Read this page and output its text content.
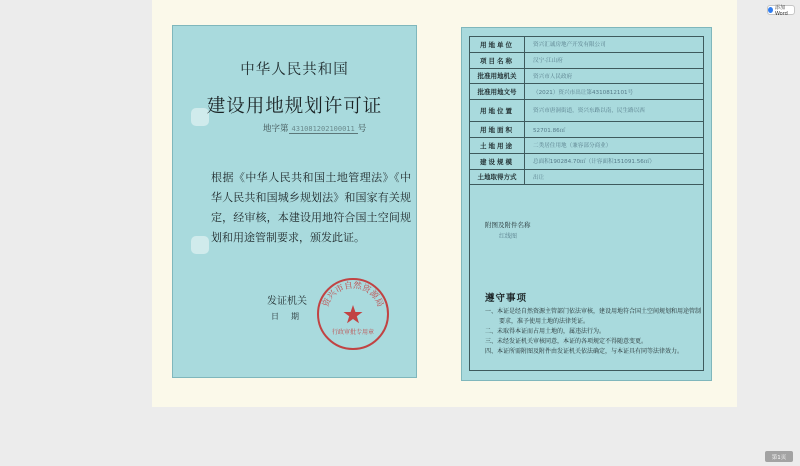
添加Word
中华人民共和国
建设用地规划许可证
地字第 431081202100011 号
根据《中华人民共和国土地管理法》《中华人民共和国城乡规划法》和国家有关规定，经审核，本建设用地符合国土空间规划和用途管制要求，颁发此证。
发证机关
日期
资兴市自然资源局
行政审批专用章
用地单位	资兴汇诚房地产开发有限公司
项目名称	汉宁·江山府
批准用地机关	资兴市人民政府
批准用地文号	（2021）资兴市出让第4310812101号
用地位置	资兴市唐洞街道，资兴东路以南，民生路以西
用地面积	52701.86㎡
土地用途	二类居住用地（兼容部分商业）
建设规模	总面积190284.70㎡（计容面积151091.56㎡）
土地取得方式	出让
附图及附件名称
红线图
遵守事项
一、本证是经自然资源主管部门依法审核，建设用地符合国土空间规划和用途管制要求，准予使用土地的法律凭证。
二、未取得本证而占用土地的，属违法行为。
三、未经发证机关审核同意，本证的各项规定不得随意变更。
四、本证所需附图及附件由发证机关依法确定，与本证具有同等法律效力。
第1页
